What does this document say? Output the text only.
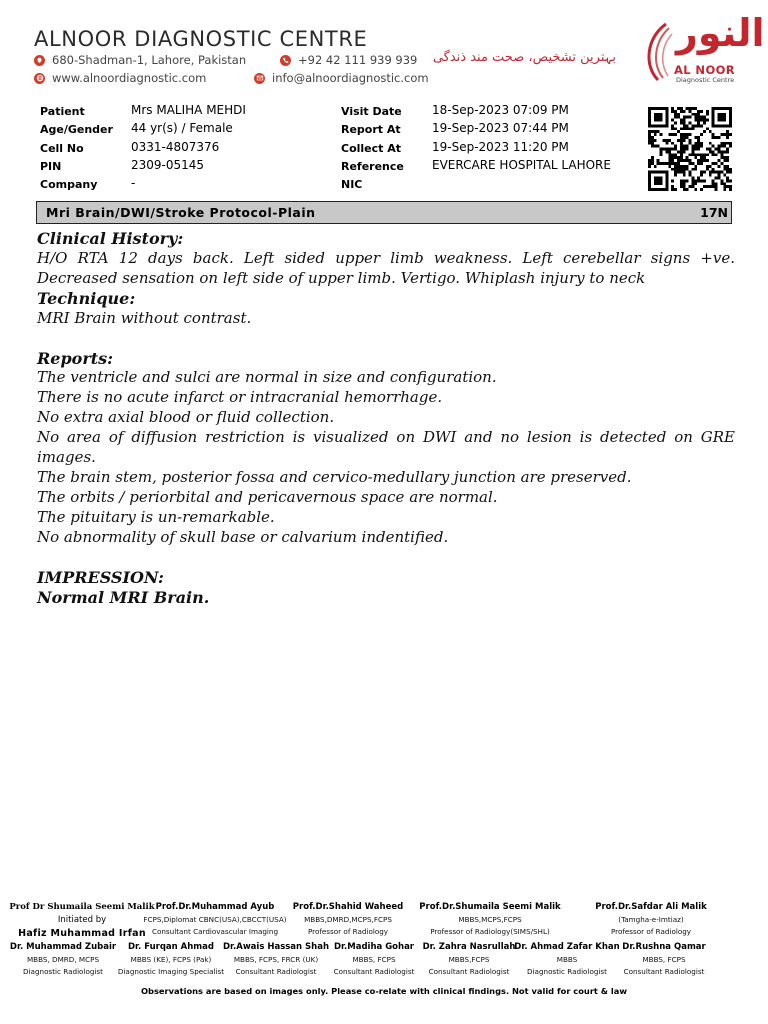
ALNOOR DIAGNOSTIC CENTRE
680-Shadman-1, Lahore, Pakistan	+92 42 111 939 939
www.alnoordiagnostic.com	info@alnoordiagnostic.com
بہترین تشخیص، صحت مند ذندگی
النور
AL NOOR
Diagnostic Centre
Patient	Mrs MALIHA MEHDI
Age/Gender 44 yr(s) / Female
Cell No	0331-4807376
PIN	2309-05145
Company	-
Visit Date	18-Sep-2023 07:09 PM
Report At	19-Sep-2023 07:44 PM
Collect At	19-Sep-2023 11:20 PM
Reference EVERCARE HOSPITAL LAHORE
NIC
Mri Brain/DWI/Stroke Protocol-Plain	17N

Clinical History:

H/O RTA 12 days back. Left sided upper limb weakness. Left cerebellar signs +ve. Decreased sensation on left side of upper limb. Vertigo. Whiplash injury to neck

Technique:

MRI Brain without contrast.

Reports:

The ventricle and sulci are normal in size and configuration.

There is no acute infarct or intracranial hemorrhage.

No extra axial blood or fluid collection.

No area of diffusion restriction is visualized on DWI and no lesion is detected on GRE images.

The brain stem, posterior fossa and cervico-medullary junction are preserved.

The orbits / periorbital and pericavernous space are normal.

The pituitary is un-remarkable.

No abnormality of skull base or calvarium indentified.

IMPRESSION:

Normal MRI Brain.

Prof Dr Shumaila Seemi Malik
Initiated by
Hafiz Muhammad Irfan
Prof.Dr.Muhammad Ayub
FCPS,Diplomat CBNC(USA),CBCCT(USA)
Consultant Cardiovascular Imaging
Prof.Dr.Shahid Waheed
MBBS,DMRD,MCPS,FCPS
Professor of Radiology
Prof.Dr.Shumaila Seemi Malik
MBBS,MCPS,FCPS
Professor of Radiology(SIMS/SHL)
Prof.Dr.Safdar Ali Malik
(Tamgha-e-Imtiaz)
Professor of Radiology
Dr. Muhammad Zubair
MBBS, DMRD, MCPS
Diagnostic Radiologist
Dr. Furqan Ahmad
MBBS (KE), FCPS (Pak)
Diagnostic Imaging Specialist
Dr.Awais Hassan Shah
MBBS, FCPS, FRCR (UK)
Consultant Radiologist
Dr.Madiha Gohar
MBBS, FCPS
Consultant Radiologist
Dr. Zahra Nasrullah
MBBS,FCPS
Consultant Radiologist
Dr. Ahmad Zafar Khan
MBBS
Diagnostic Radiologist
Dr.Rushna Qamar
MBBS, FCPS
Consultant Radiologist
Observations are based on images only. Please co-relate with clinical findings. Not valid for court & law
